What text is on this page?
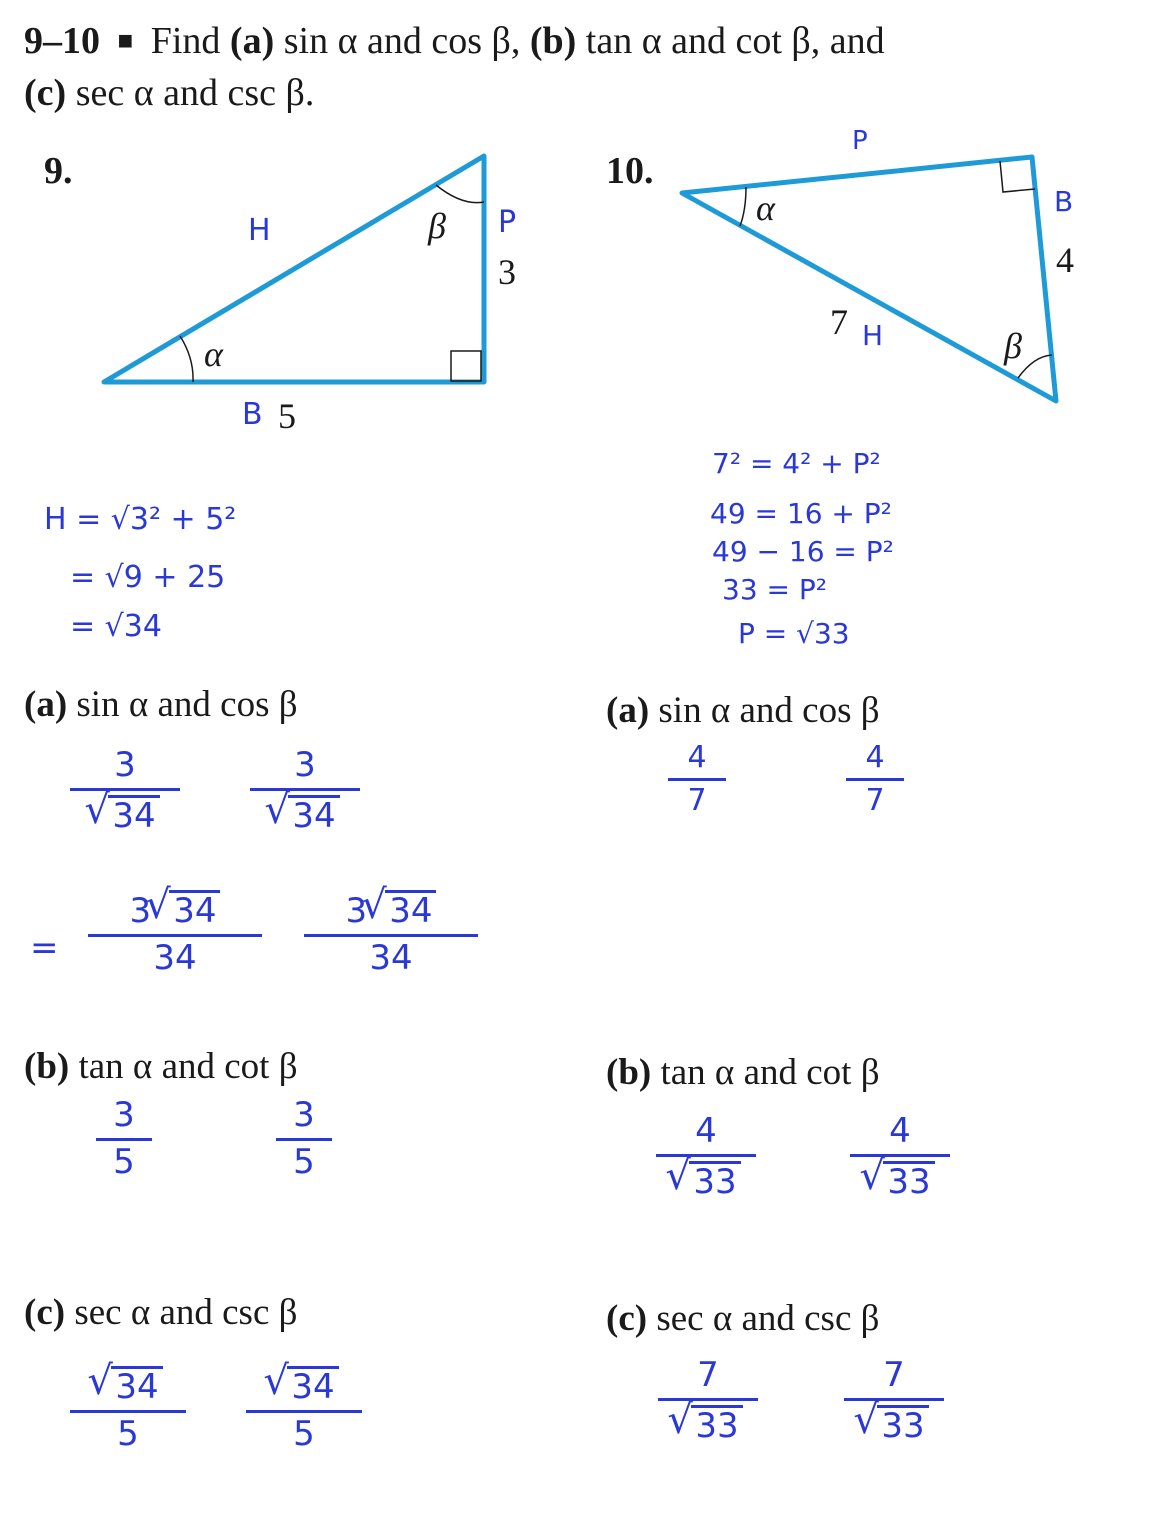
9–10 ■ Find (a) sin α and cos β, (b) tan α and cot β, and
(c) sec α and csc β.
9.
H	β P
3
α
B 5
H = √3² + 5²
= √9 + 25
= √34
(a) sin α and cos β
3
√ 34
3
√ 34
=
3 √ 34
34
3 √ 34
34
(b) tan α and cot β
3
5
3
5
(c) sec α and csc β
√ 34
5
√ 34
5
10.
P
α	B
4
7 H	β
7² = 4² + P²
49 = 16 + P²
49 − 16 = P²
33 = P²
P = √33
(a) sin α and cos β
4
7
4
7
(b) tan α and cot β
4
√ 33
4
√ 33
(c) sec α and csc β
7
√ 33
7
√ 33
